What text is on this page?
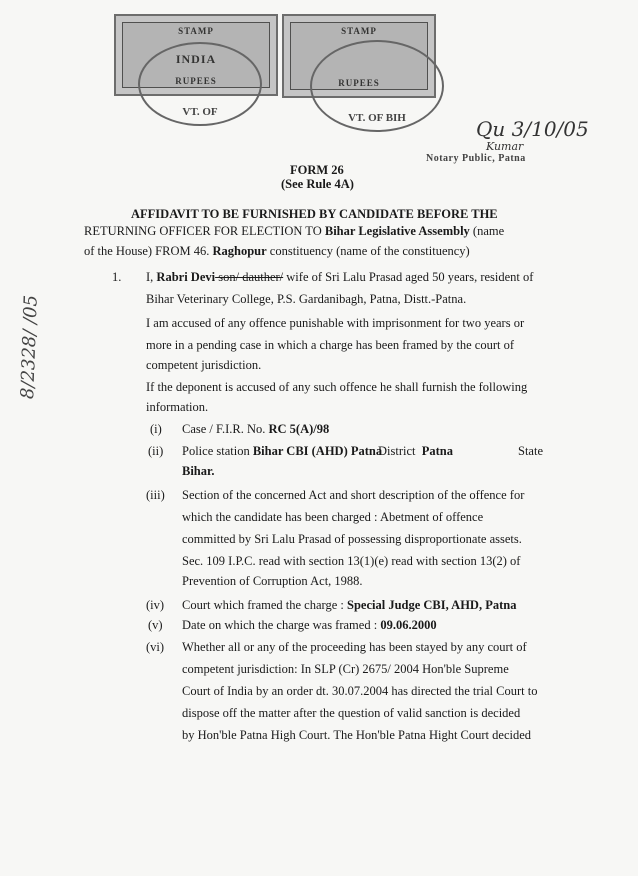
STAMP
INDIA
RUPEES
STAMP
RUPEES
VT. OF	VT. OF BIH	Qu 3/10/05
Kumar
Notary Public, Patna
8/2328/ /05
FORM 26
(See Rule 4A)
AFFIDAVIT TO BE FURNISHED BY CANDIDATE BEFORE THE
RETURNING OFFICER FOR ELECTION TO Bihar Legislative Assembly (name
of the House) FROM 46. Raghopur constituency (name of the constituency)
1. I, Rabri Devi son/ dauther/ wife of Sri Lalu Prasad aged 50 years, resident of
Bihar Veterinary College, P.S. Gardanibagh, Patna, Distt.-Patna.
I am accused of any offence punishable with imprisonment for two years or
more in a pending case in which a charge has been framed by the court of
competent jurisdiction.
If the deponent is accused of any such offence he shall furnish the following
information.
(i) Case / F.I.R. No. RC 5(A)/98
(ii) Police station Bihar CBI (AHD) Patna
District  Patna	State
Bihar.
(iii) Section of the concerned Act and short description of the offence for
which the candidate has been charged : Abetment of offence
committed by Sri Lalu Prasad of possessing disproportionate assets.
Sec. 109 I.P.C. read with section 13(1)(e) read with section 13(2) of
Prevention of Corruption Act, 1988.
(iv) Court which framed the charge : Special Judge CBI, AHD, Patna
(v) Date on which the charge was framed : 09.06.2000
(vi) Whether all or any of the proceeding has been stayed by any court of
competent jurisdiction: In SLP (Cr) 2675/ 2004 Hon'ble Supreme
Court of India by an order dt. 30.07.2004 has directed the trial Court to
dispose off the matter after the question of valid sanction is decided
by Hon'ble Patna High Court. The Hon'ble Patna Hight Court decided
